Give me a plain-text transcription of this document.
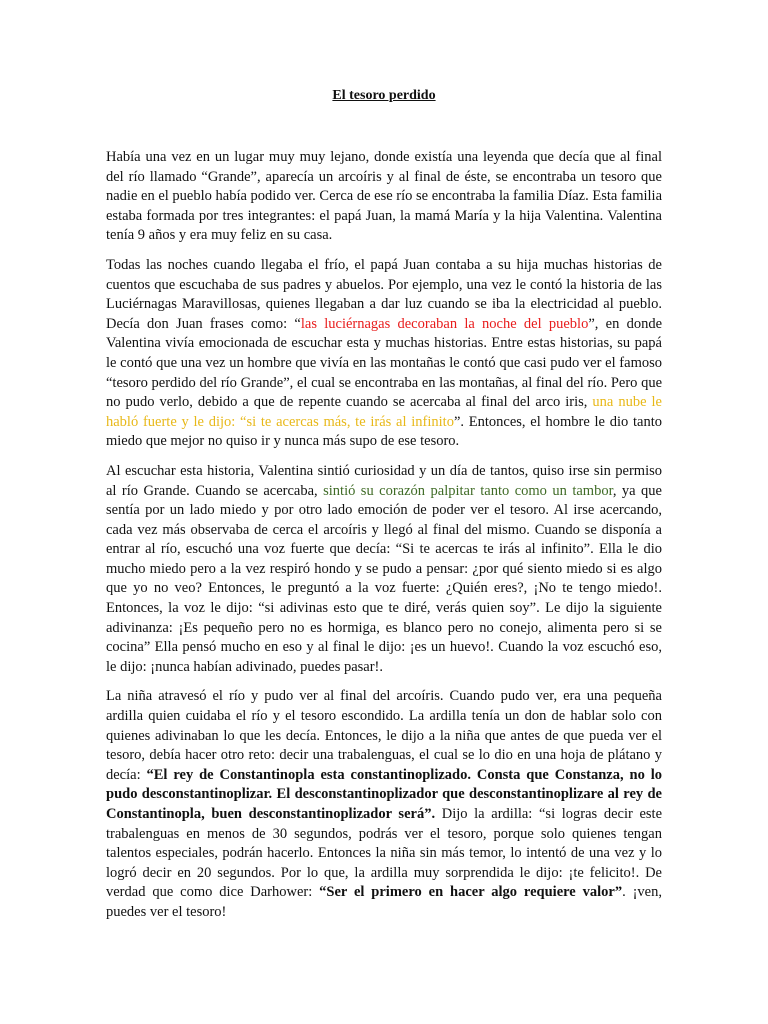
El tesoro perdido

Había una vez en un lugar muy muy lejano, donde existía una leyenda que decía que al final del río llamado “Grande”, aparecía un arcoíris y al final de éste, se encontraba un tesoro que nadie en el pueblo había podido ver. Cerca de ese río se encontraba la familia Díaz. Esta familia estaba formada por tres integrantes: el papá Juan, la mamá María y la hija Valentina. Valentina tenía 9 años y era muy feliz en su casa.

Todas las noches cuando llegaba el frío, el papá Juan contaba a su hija muchas historias de cuentos que escuchaba de sus padres y abuelos. Por ejemplo, una vez le contó la historia de las Luciérnagas Maravillosas, quienes llegaban a dar luz cuando se iba la electricidad al pueblo. Decía don Juan frases como: “las luciérnagas decoraban la noche del pueblo”, en donde Valentina vivía emocionada de escuchar esta y muchas historias. Entre estas historias, su papá le contó que una vez un hombre que vivía en las montañas le contó que casi pudo ver el famoso “tesoro perdido del río Grande”, el cual se encontraba en las montañas, al final del río. Pero que no pudo verlo, debido a que de repente cuando se acercaba al final del arco iris, una nube le habló fuerte y le dijo: “si te acercas más, te irás al infinito”. Entonces, el hombre le dio tanto miedo que mejor no quiso ir y nunca más supo de ese tesoro.

Al escuchar esta historia, Valentina sintió curiosidad y un día de tantos, quiso irse sin permiso al río Grande. Cuando se acercaba, sintió su corazón palpitar tanto como un tambor, ya que sentía por un lado miedo y por otro lado emoción de poder ver el tesoro. Al irse acercando, cada vez más observaba de cerca el arcoíris y llegó al final del mismo. Cuando se disponía a entrar al río, escuchó una voz fuerte que decía: “Si te acercas te irás al infinito”. Ella le dio mucho miedo pero a la vez respiró hondo y se pudo a pensar: ¿por qué siento miedo si es algo que yo no veo? Entonces, le preguntó a la voz fuerte: ¿Quién eres?, ¡No te tengo miedo!. Entonces, la voz le dijo: “si adivinas esto que te diré, verás quien soy”. Le dijo la siguiente adivinanza: ¡Es pequeño pero no es hormiga, es blanco pero no conejo, alimenta pero si se cocina” Ella pensó mucho en eso y al final le dijo: ¡es un huevo!. Cuando la voz escuchó eso, le dijo: ¡nunca habían adivinado, puedes pasar!.

La niña atravesó el río y pudo ver al final del arcoíris. Cuando pudo ver, era una pequeña ardilla quien cuidaba el río y el tesoro escondido. La ardilla tenía un don de hablar solo con quienes adivinaban lo que les decía. Entonces, le dijo a la niña que antes de que pueda ver el tesoro, debía hacer otro reto: decir una trabalenguas, el cual se lo dio en una hoja de plátano y decía: “El rey de Constantinopla esta constantinoplizado. Consta que Constanza, no lo pudo desconstantinoplizar. El desconstantinoplizador que desconstantinoplizare al rey de Constantinopla, buen desconstantinoplizador será”. Dijo la ardilla: “si logras decir este trabalenguas en menos de 30 segundos, podrás ver el tesoro, porque solo quienes tengan talentos especiales, podrán hacerlo. Entonces la niña sin más temor, lo intentó de una vez y lo logró decir en 20 segundos. Por lo que, la ardilla muy sorprendida le dijo: ¡te felicito!. De verdad que como dice Darhower: “Ser el primero en hacer algo requiere valor”. ¡ven, puedes ver el tesoro!
